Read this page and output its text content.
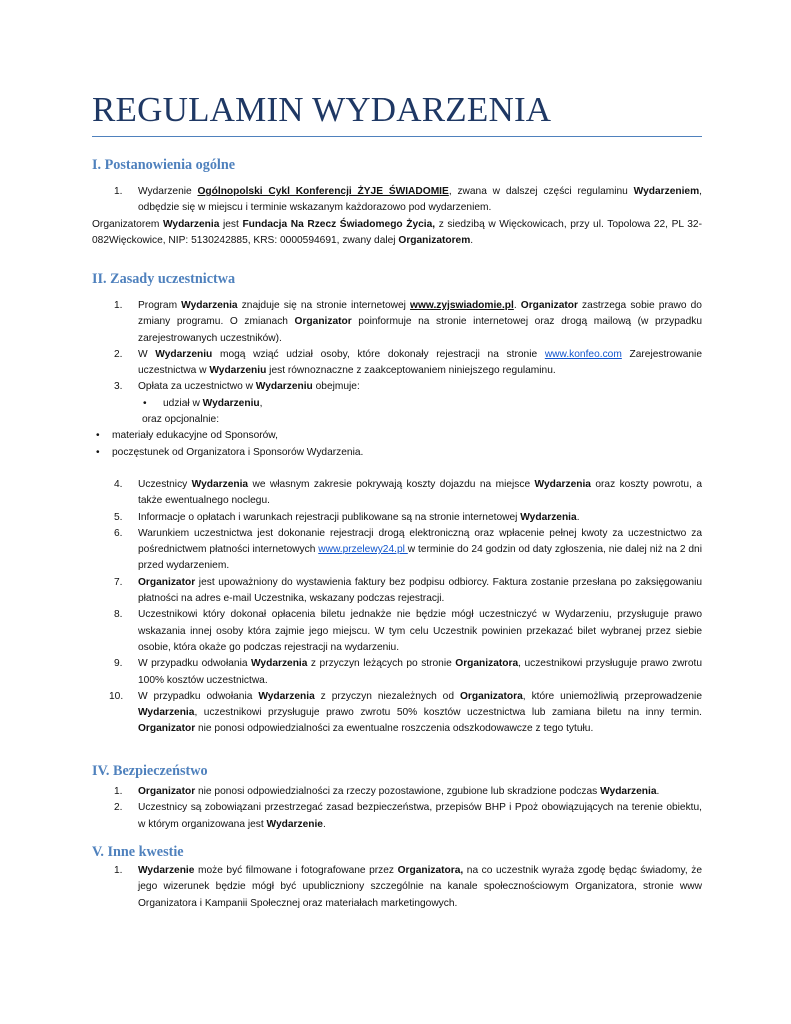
REGULAMIN WYDARZENIA
I. Postanowienia ogólne
1.	Wydarzenie Ogólnopolski Cykl Konferencji ŻYJE ŚWIADOMIE, zwana w dalszej części regulaminu Wydarzeniem, odbędzie się w miejscu i terminie wskazanym każdorazowo pod wydarzeniem.

Organizatorem Wydarzenia jest Fundacja Na Rzecz Świadomego Życia, z siedzibą w Więckowicach, przy ul. Topolowa 22, PL 32-082Więckowice, NIP: 5130242885, KRS: 0000594691, zwany dalej Organizatorem.

II. Zasady uczestnictwa
1.	Program Wydarzenia znajduje się na stronie internetowej www.zyjswiadomie.pl. Organizator zastrzega sobie prawo do zmiany programu. O zmianach Organizator poinformuje na stronie internetowej oraz drogą mailową (w przypadku zarejestrowanych uczestników).
2.	W Wydarzeniu mogą wziąć udział osoby, które dokonały rejestracji na stronie www.konfeo.com Zarejestrowanie uczestnictwa w Wydarzeniu jest równoznaczne z zaakceptowaniem niniejszego regulaminu.
3.	Opłata za uczestnictwo w Wydarzeniu obejmuje:
• udział w Wydarzeniu,
oraz opcjonalnie:
• materiały edukacyjne od Sponsorów,
• poczęstunek od Organizatora i Sponsorów Wydarzenia.
4.	Uczestnicy Wydarzenia we własnym zakresie pokrywają koszty dojazdu na miejsce Wydarzenia oraz koszty powrotu, a także ewentualnego noclegu.
5.	Informacje o opłatach i warunkach rejestracji publikowane są na stronie internetowej Wydarzenia.
6.	Warunkiem uczestnictwa jest dokonanie rejestracji drogą elektroniczną oraz wpłacenie pełnej kwoty za uczestnictwo za pośrednictwem płatności internetowych www.przelewy24.pl w terminie do 24 godzin od daty zgłoszenia, nie dalej niż na 2 dni przed wydarzeniem.
7.	Organizator jest upoważniony do wystawienia faktury bez podpisu odbiorcy. Faktura zostanie przesłana po zaksięgowaniu płatności na adres e-mail Uczestnika, wskazany podczas rejestracji.
8.	Uczestnikowi który dokonał opłacenia biletu jednakże nie będzie mógł uczestniczyć w Wydarzeniu, przysługuje prawo wskazania innej osoby która zajmie jego miejscu. W tym celu Uczestnik powinien przekazać bilet wybranej przez siebie osobie, która okaże go podczas rejestracji na wydarzeniu.
9.	W przypadku odwołania Wydarzenia z przyczyn leżących po stronie Organizatora, uczestnikowi przysługuje prawo zwrotu 100% kosztów uczestnictwa.
10.	W przypadku odwołania Wydarzenia z przyczyn niezależnych od Organizatora, które uniemożliwią przeprowadzenie Wydarzenia, uczestnikowi przysługuje prawo zwrotu 50% kosztów uczestnictwa lub zamiana biletu na inny termin. Organizator nie ponosi odpowiedzialności za ewentualne roszczenia odszkodowawcze z tego tytułu.
IV. Bezpieczeństwo
1.	Organizator nie ponosi odpowiedzialności za rzeczy pozostawione, zgubione lub skradzione podczas Wydarzenia.
2.	Uczestnicy są zobowiązani przestrzegać zasad bezpieczeństwa, przepisów BHP i Ppoż obowiązujących na terenie obiektu, w którym organizowana jest Wydarzenie.
V. Inne kwestie
1.	Wydarzenie może być filmowane i fotografowane przez Organizatora, na co uczestnik wyraża zgodę będąc świadomy, że jego wizerunek będzie mógł być upubliczniony szczególnie na kanale społecznościowym Organizatora, stronie www Organizatora i Kampanii Społecznej oraz materiałach marketingowych.
